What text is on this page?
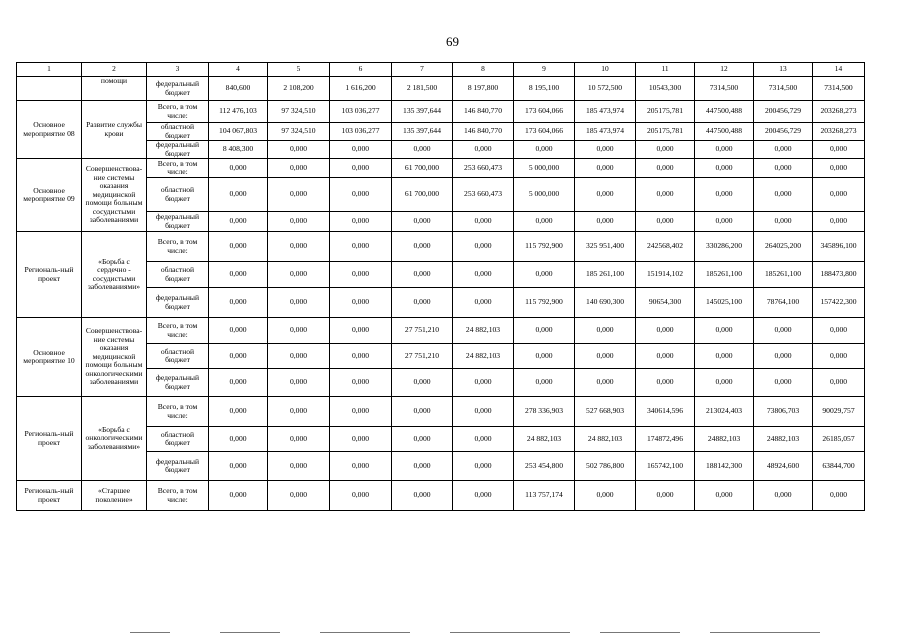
69
1	2	3	4	5	6	7	8	9	10	11	12	13	14
	помощи	федеральный бюджет	840,600	2 108,200	1 616,200	2 181,500	8 197,800	8 195,100	10 572,500	10543,300	7314,500	7314,500	7314,500
Основное мероприятие 08	Развитие службы крови	Всего, в том числе:	112 476,103	97 324,510	103 036,277	135 397,644	146 840,770	173 604,066	185 473,974	205175,781	447500,488	200456,729	203268,273
		областной бюджет	104 067,803	97 324,510	103 036,277	135 397,644	146 840,770	173 604,066	185 473,974	205175,781	447500,488	200456,729	203268,273
		федеральный бюджет	8 408,300	0,000	0,000	0,000	0,000	0,000	0,000	0,000	0,000	0,000	0,000
Основное мероприятие 09	Совершенствова-ние системы оказания медицинской помощи больным сосудистыми заболеваниями	Всего, в том числе:	0,000	0,000	0,000	61 700,000	253 660,473	5 000,000	0,000	0,000	0,000	0,000	0,000
		областной бюджет	0,000	0,000	0,000	61 700,000	253 660,473	5 000,000	0,000	0,000	0,000	0,000	0,000
		федеральный бюджет	0,000	0,000	0,000	0,000	0,000	0,000	0,000	0,000	0,000	0,000	0,000
Региональ-ный проект	«Борьба с сердечно - сосудистыми заболеваниями»	Всего, в том числе:	0,000	0,000	0,000	0,000	0,000	115 792,900	325 951,400	242568,402	330286,200	264025,200	345896,100
		областной бюджет	0,000	0,000	0,000	0,000	0,000	0,000	185 261,100	151914,102	185261,100	185261,100	188473,800
		федеральный бюджет	0,000	0,000	0,000	0,000	0,000	115 792,900	140 690,300	90654,300	145025,100	78764,100	157422,300
Основное мероприятие 10	Совершенствова-ние системы оказания медицинской помощи больным онкологическими заболеваниями	Всего, в том числе:	0,000	0,000	0,000	27 751,210	24 882,103	0,000	0,000	0,000	0,000	0,000	0,000
		областной бюджет	0,000	0,000	0,000	27 751,210	24 882,103	0,000	0,000	0,000	0,000	0,000	0,000
		федеральный бюджет	0,000	0,000	0,000	0,000	0,000	0,000	0,000	0,000	0,000	0,000	0,000
Региональ-ный проект	«Борьба с онкологическими заболеваниями»	Всего, в том числе:	0,000	0,000	0,000	0,000	0,000	278 336,903	527 668,903	340614,596	213024,403	73806,703	90029,757
		областной бюджет	0,000	0,000	0,000	0,000	0,000	24 882,103	24 882,103	174872,496	24882,103	24882,103	26185,057
		федеральный бюджет	0,000	0,000	0,000	0,000	0,000	253 454,800	502 786,800	165742,100	188142,300	48924,600	63844,700
Региональ-ный проект	«Старшее поколение»	Всего, в том числе:	0,000	0,000	0,000	0,000	0,000	113 757,174	0,000	0,000	0,000	0,000	0,000
